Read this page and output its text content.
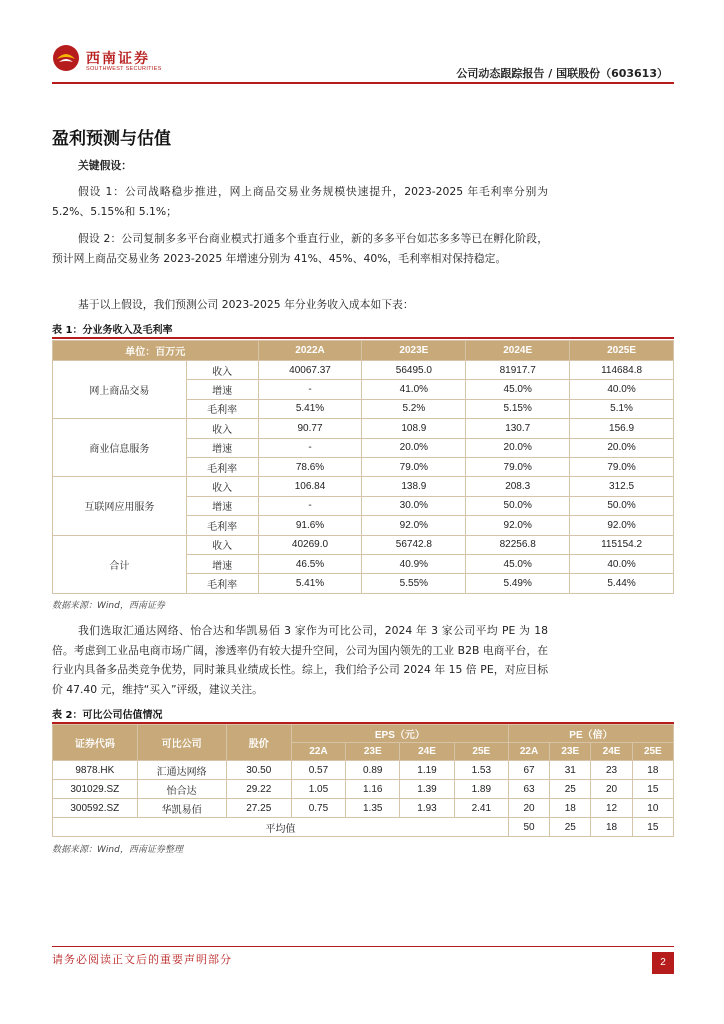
西南证券
SOUTHWEST SECURITIES	公司动态跟踪报告 / 国联股份（603613）
盈利预测与估值
关键假设：
假设 1：公司战略稳步推进，网上商品交易业务规模快速提升，2023-2025 年毛利率分别为 5.2%、5.15%和 5.1%；
假设 2：公司复制多多平台商业模式打通多个垂直行业，新的多多平台如芯多多等已在孵化阶段，预计网上商品交易业务 2023-2025 年增速分别为 41%、45%、40%，毛利率相对保持稳定。
基于以上假设，我们预测公司 2023-2025 年分业务收入成本如下表：
表 1：分业务收入及毛利率
单位：百万元		2022A	2023E	2024E	2025E
网上商品交易	收入	40067.37	56495.0	81917.7	114684.8
	增速	-	41.0%	45.0%	40.0%
	毛利率	5.41%	5.2%	5.15%	5.1%
商业信息服务	收入	90.77	108.9	130.7	156.9
	增速	-	20.0%	20.0%	20.0%
	毛利率	78.6%	79.0%	79.0%	79.0%
互联网应用服务	收入	106.84	138.9	208.3	312.5
	增速	-	30.0%	50.0%	50.0%
	毛利率	91.6%	92.0%	92.0%	92.0%
合计	收入	40269.0	56742.8	82256.8	115154.2
	增速	46.5%	40.9%	45.0%	40.0%
	毛利率	5.41%	5.55%	5.49%	5.44%
数据来源：Wind，西南证券
我们选取汇通达网络、怡合达和华凯易佰 3 家作为可比公司，2024 年 3 家公司平均 PE 为 18 倍。考虑到工业品电商市场广阔，渗透率仍有较大提升空间，公司为国内领先的工业 B2B 电商平台，在行业内具备多品类竞争优势，同时兼具业绩成长性。综上，我们给予公司 2024 年 15 倍 PE，对应目标价 47.40 元，维持“买入”评级，建议关注。
表 2：可比公司估值情况
证券代码	可比公司	股价	EPS（元）				PE（倍）			
			22A	23E	24E	25E	22A	23E	24E	25E
9878.HK	汇通达网络	30.50	0.57	0.89	1.19	1.53	67	31	23	18
301029.SZ	怡合达	29.22	1.05	1.16	1.39	1.89	63	25	20	15
300592.SZ	华凯易佰	27.25	0.75	1.35	1.93	2.41	20	18	12	10
平均值							50	25	18	15
数据来源：Wind，西南证券整理
请务必阅读正文后的重要声明部分	2
